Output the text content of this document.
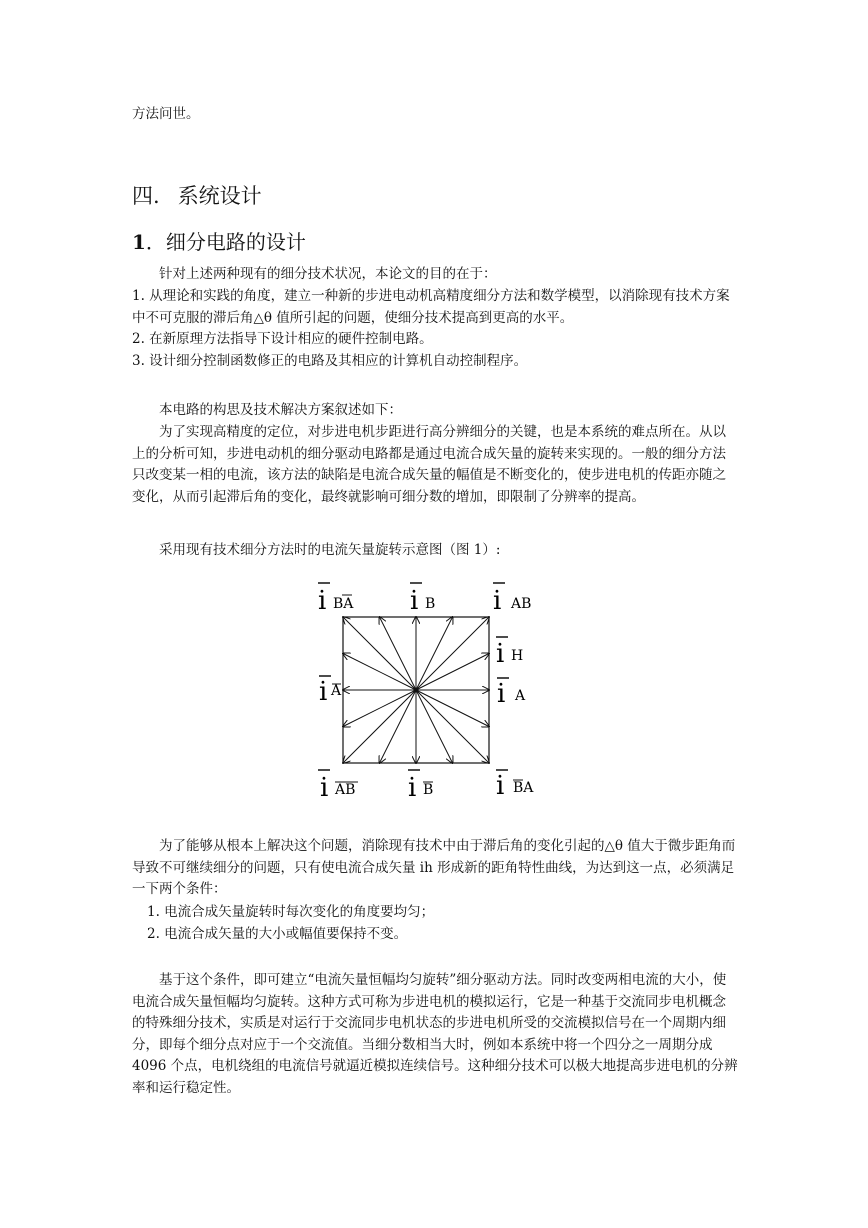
方法问世。

四. 系统设计
1．细分电路的设计

针对上述两种现有的细分技术状况，本论文的目的在于：

1. 从理论和实践的角度，建立一种新的步进电动机高精度细分方法和数学模型，以消除现有技术方案中不可克服的滞后角△θ 值所引起的问题，使细分技术提高到更高的水平。

2. 在新原理方法指导下设计相应的硬件控制电路。

3. 设计细分控制函数修正的电路及其相应的计算机自动控制程序。

本电路的构思及技术解决方案叙述如下：

为了实现高精度的定位，对步进电机步距进行高分辨细分的关键，也是本系统的难点所在。从以上的分析可知，步进电动机的细分驱动电路都是通过电流合成矢量的旋转来实现的。一般的细分方法只改变某一相的电流，该方法的缺陷是电流合成矢量的幅值是不断变化的，使步进电机的传距亦随之变化，从而引起滞后角的变化，最终就影响可细分数的增加，即限制了分辨率的提高。

采用现有技术细分方法时的电流矢量旋转示意图（图 1）:

i BA i B i AB
i H
i A	i A
i AB i B i BA

为了能够从根本上解决这个问题，消除现有技术中由于滞后角的变化引起的△θ 值大于微步距角而导致不可继续细分的问题，只有使电流合成矢量 ih 形成新的距角特性曲线，为达到这一点，必须满足一下两个条件：

1. 电流合成矢量旋转时每次变化的角度要均匀；

2. 电流合成矢量的大小或幅值要保持不变。

基于这个条件，即可建立“电流矢量恒幅均匀旋转”细分驱动方法。同时改变两相电流的大小，使电流合成矢量恒幅均匀旋转。这种方式可称为步进电机的模拟运行，它是一种基于交流同步电机概念的特殊细分技术，实质是对运行于交流同步电机状态的步进电机所受的交流模拟信号在一个周期内细分，即每个细分点对应于一个交流值。当细分数相当大时，例如本系统中将一个四分之一周期分成 4096 个点，电机绕组的电流信号就逼近模拟连续信号。这种细分技术可以极大地提高步进电机的分辨率和运行稳定性。
